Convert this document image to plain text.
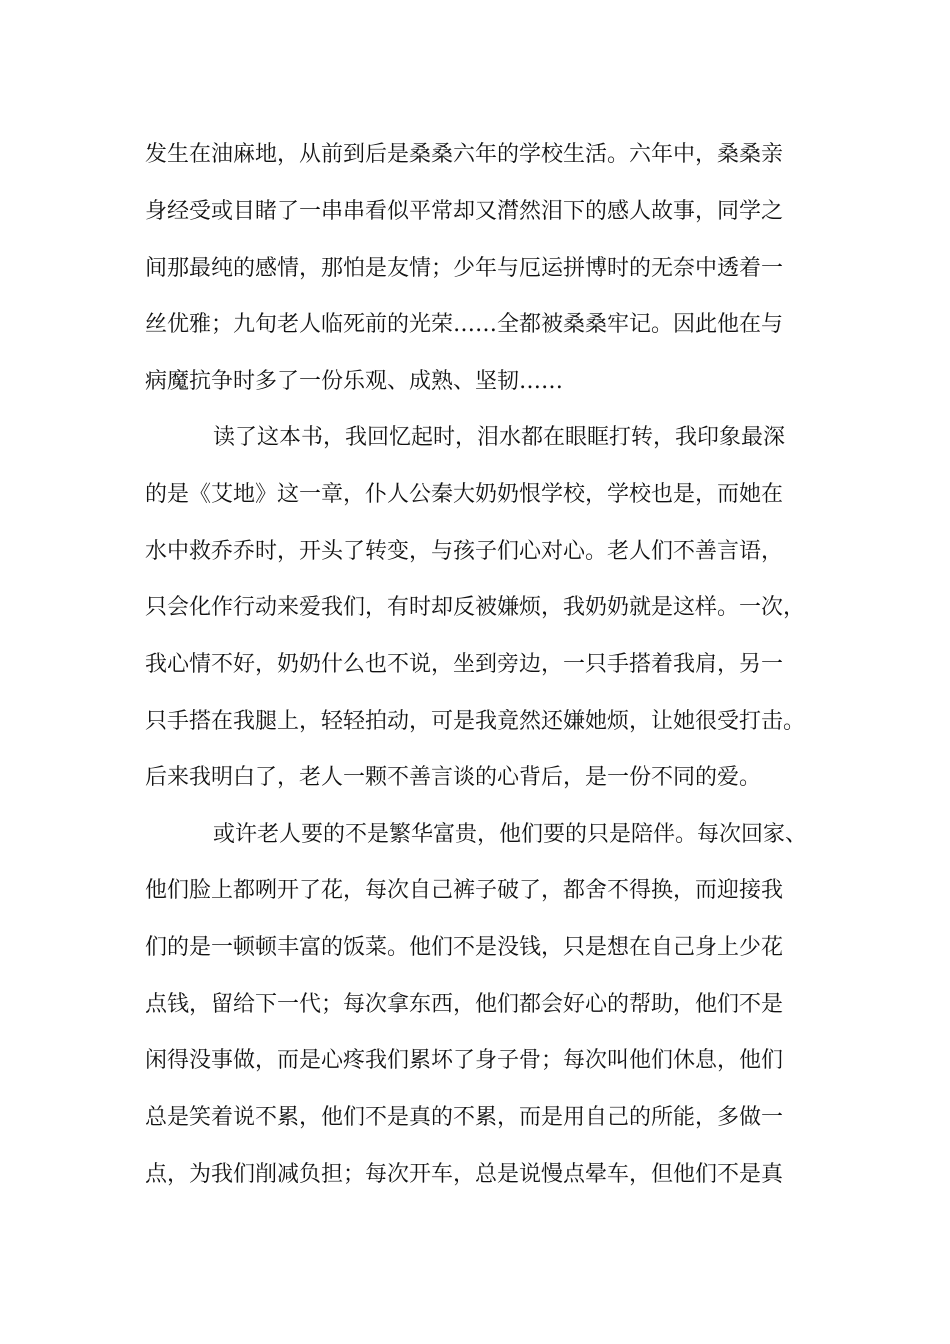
发生在油麻地，从前到后是桑桑六年的学校生活。六年中，桑桑亲
身经受或目睹了一串串看似平常却又潸然泪下的感人故事，同学之
间那最纯的感情，那怕是友情；少年与厄运拼博时的无奈中透着一
丝优雅；九旬老人临死前的光荣……全都被桑桑牢记。因此他在与
病魔抗争时多了一份乐观、成熟、坚韧……
读了这本书，我回忆起时，泪水都在眼眶打转，我印象最深
的是《艾地》这一章，仆人公秦大奶奶恨学校，学校也是，而她在
水中救乔乔时，开头了转变，与孩子们心对心。老人们不善言语，
只会化作行动来爱我们，有时却反被嫌烦，我奶奶就是这样。一次，
我心情不好，奶奶什么也不说，坐到旁边，一只手搭着我肩，另一
只手搭在我腿上，轻轻拍动，可是我竟然还嫌她烦，让她很受打击。
后来我明白了，老人一颗不善言谈的心背后，是一份不同的爱。
或许老人要的不是繁华富贵，他们要的只是陪伴。每次回家、
他们脸上都咧开了花，每次自己裤子破了，都舍不得换，而迎接我
们的是一顿顿丰富的饭菜。他们不是没钱，只是想在自己身上少花
点钱，留给下一代；每次拿东西，他们都会好心的帮助，他们不是
闲得没事做，而是心疼我们累坏了身子骨；每次叫他们休息，他们
总是笑着说不累，他们不是真的不累，而是用自己的所能，多做一
点，为我们削减负担；每次开车，总是说慢点晕车，但他们不是真
